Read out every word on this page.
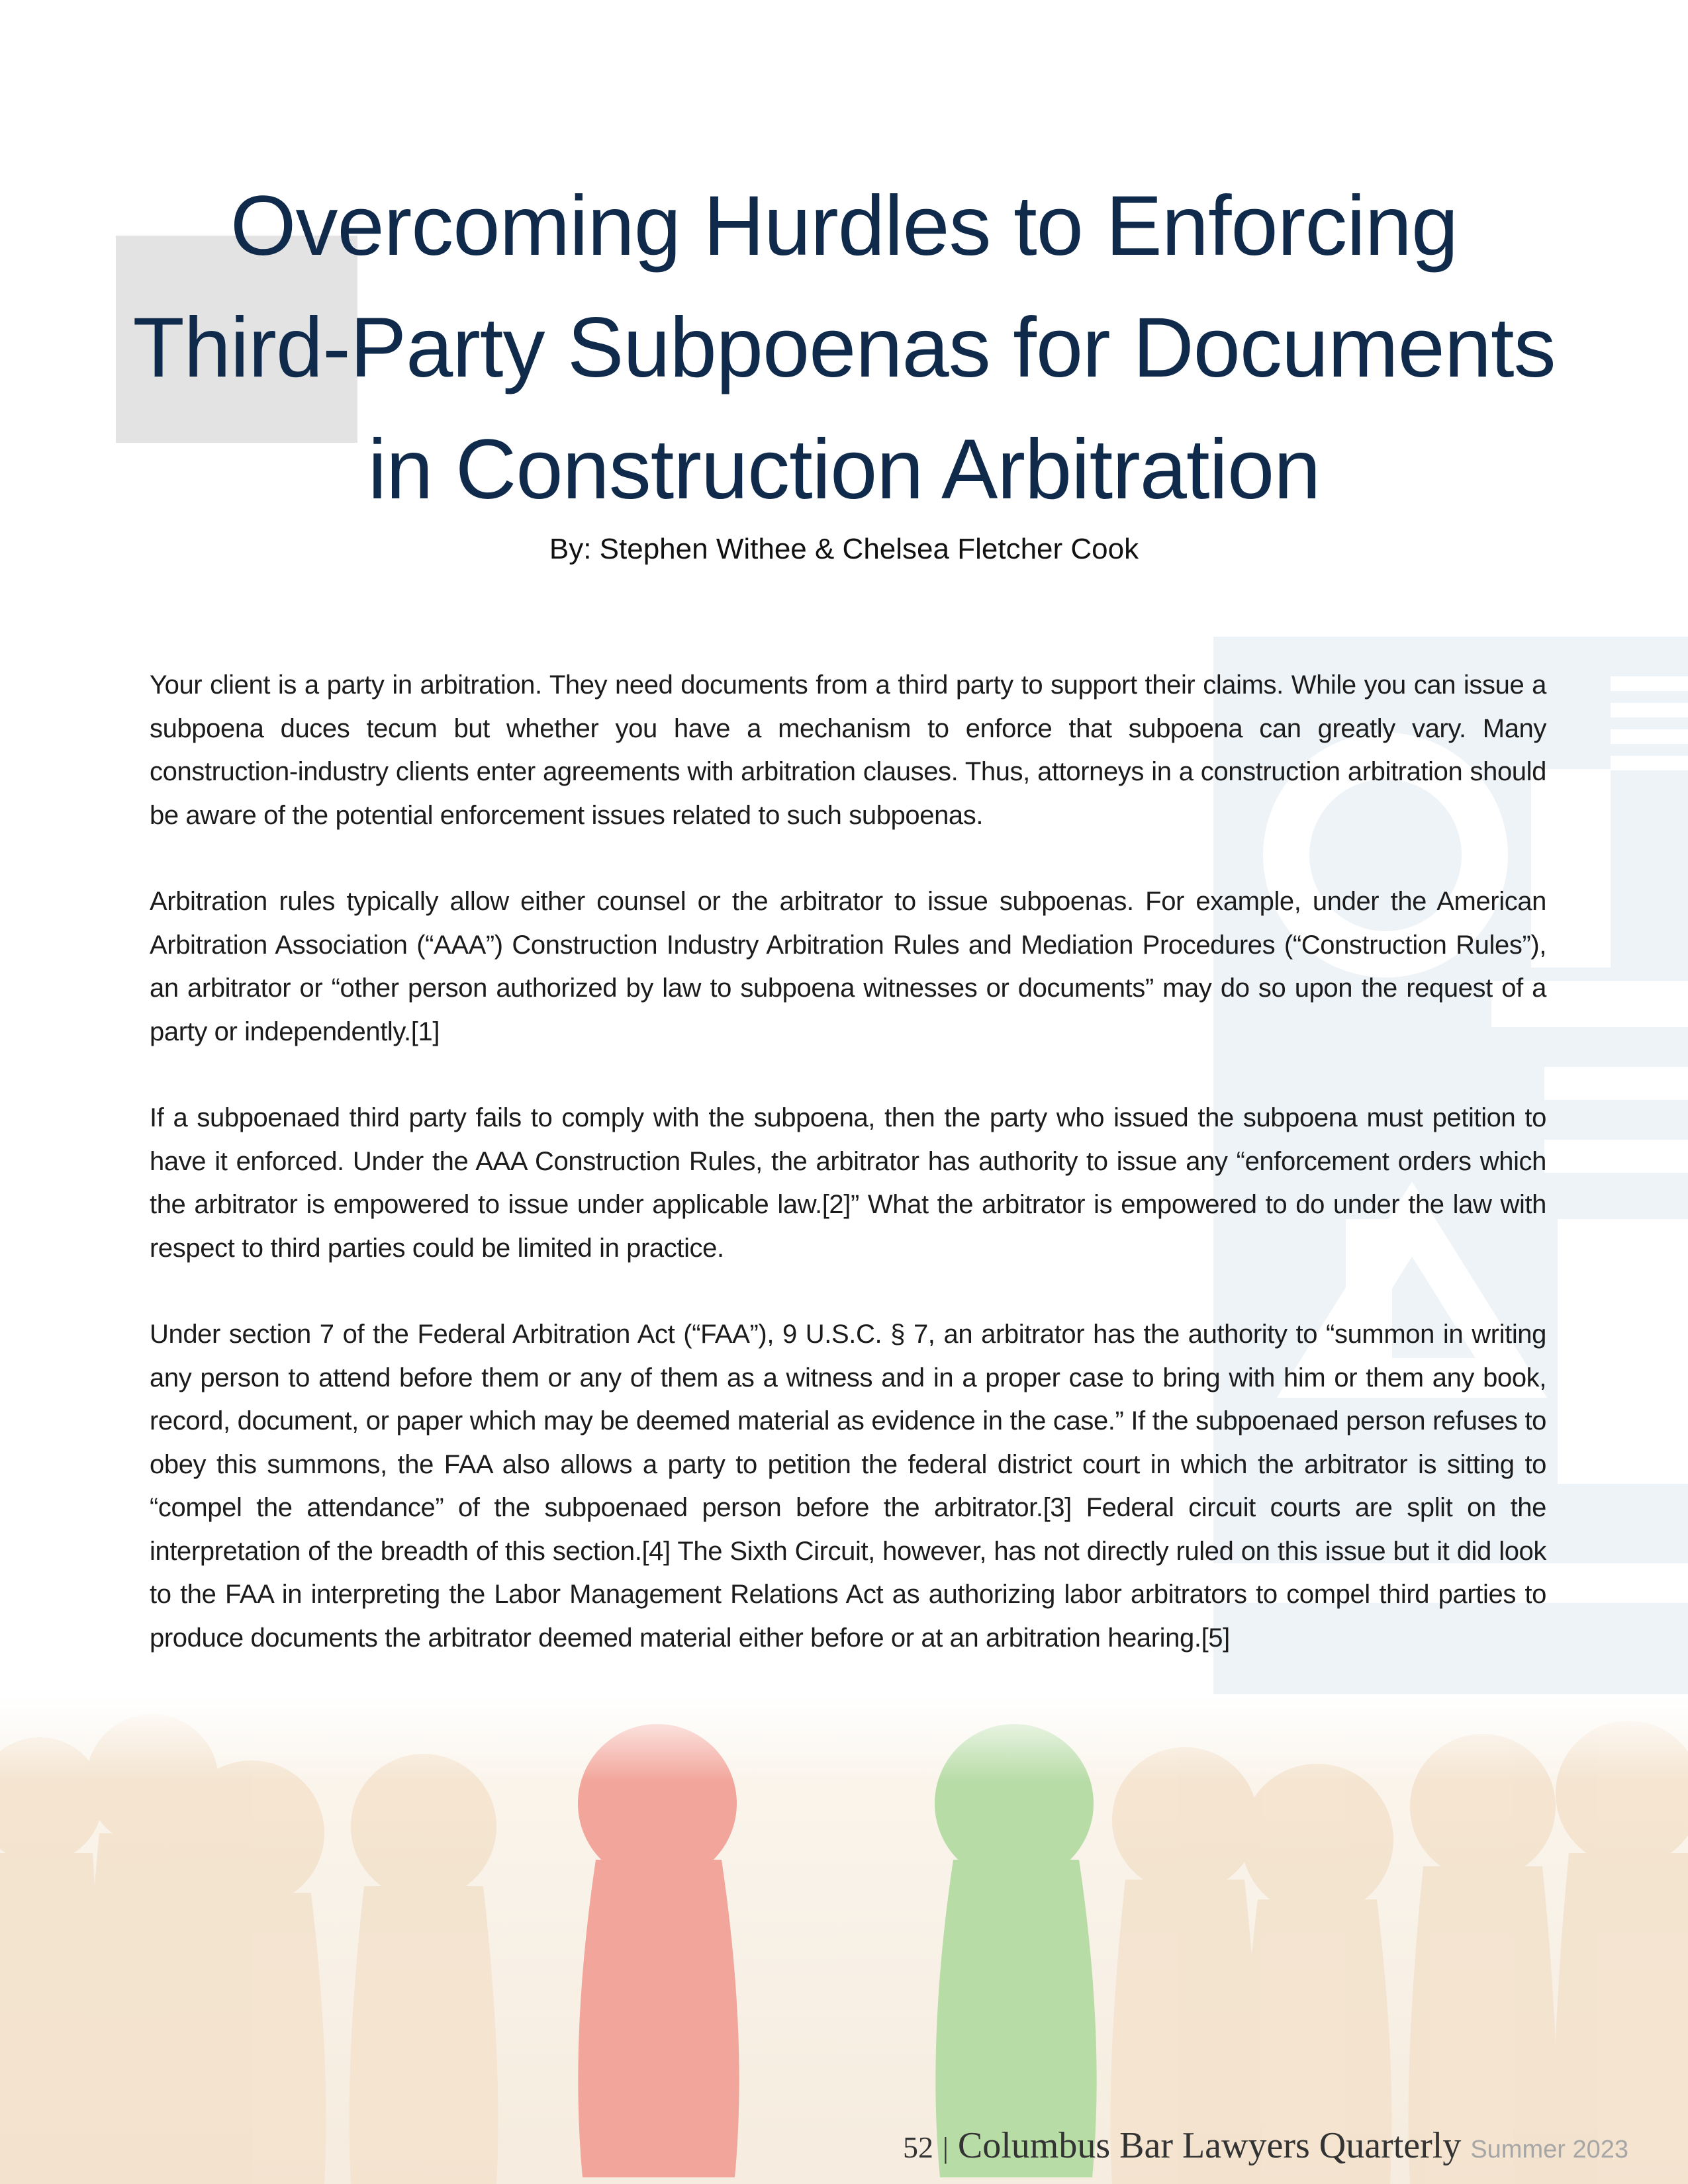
Overcoming Hurdles to Enforcing
Third-Party Subpoenas for Documents
in Construction Arbitration
By: Stephen Withee & Chelsea Fletcher Cook

Your client is a party in arbitration. They need documents from a third party to support their claims. While you can issue a subpoena duces tecum but whether you have a mechanism to enforce that subpoena can greatly vary. Many construction-industry clients enter agreements with arbitration clauses. Thus, attorneys in a construction arbitration should be aware of the potential enforcement issues related to such subpoenas.

Arbitration rules typically allow either counsel or the arbitrator to issue subpoenas. For example, under the American Arbitration Association (“AAA”) Construction Industry Arbitration Rules and Mediation Procedures (“Construction Rules”), an arbitrator or “other person authorized by law to subpoena witnesses or documents” may do so upon the request of a party or independently.[1]

If a subpoenaed third party fails to comply with the subpoena, then the party who issued the subpoena must petition to have it enforced. Under the AAA Construction Rules, the arbitrator has authority to issue any “enforcement orders which the arbitrator is empowered to issue under applicable law.[2]” What the arbitrator is empowered to do under the law with respect to third parties could be limited in practice.

Under section 7 of the Federal Arbitration Act (“FAA”), 9 U.S.C. § 7, an arbitrator has the authority to “summon in writing any person to attend before them or any of them as a witness and in a proper case to bring with him or them any book, record, document, or paper which may be deemed material as evidence in the case.” If the subpoenaed person refuses to obey this summons, the FAA also allows a party to petition the federal district court in which the arbitrator is sitting to “compel the attendance” of the subpoenaed person before the arbitrator.[3] Federal circuit courts are split on the interpretation of the breadth of this section.[4] The Sixth Circuit, however, has not directly ruled on this issue but it did look to the FAA in interpreting the Labor Management Relations Act as authorizing labor arbitrators to compel third parties to produce documents the arbitrator deemed material either before or at an arbitration hearing.[5]

52 | Columbus Bar Lawyers Quarterly Summer 2023
